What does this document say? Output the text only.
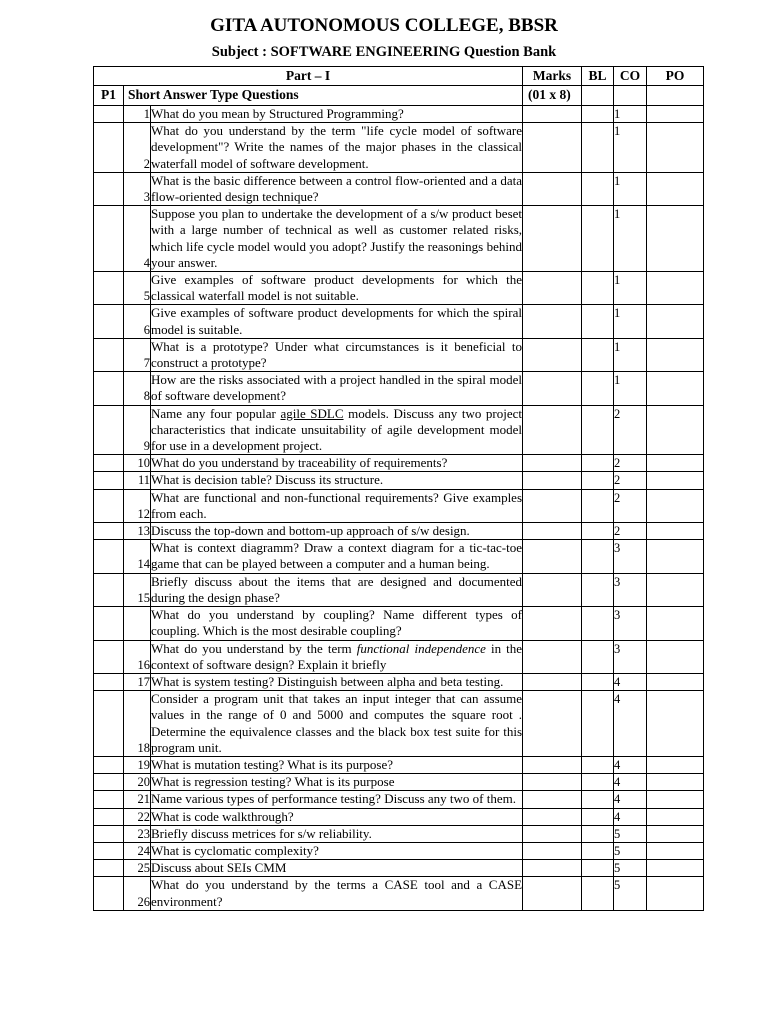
GITA AUTONOMOUS COLLEGE, BBSR
Subject : SOFTWARE ENGINEERING Question Bank
Part – I			Marks	BL	CO	PO
P1	Short Answer Type Questions		(01 x 8)			
	1	What do you mean by Structured Programming?			1	
	2	What do you understand by the term "life cycle model of software development"? Write the names of the major phases in the classical waterfall model of software development.			1	
	3	What is the basic difference between a control flow-oriented and a data flow-oriented design technique?			1	
	4	Suppose you plan to undertake the development of a s/w product beset with a large number of technical as well as customer related risks, which life cycle model would you adopt? Justify the reasonings behind your answer.			1	
	5	Give examples of software product developments for which the classical waterfall model is not suitable.			1	
	6	Give examples of software product developments for which the spiral model is suitable.			1	
	7	What is a prototype? Under what circumstances is it beneficial to construct a prototype?			1	
	8	How are the risks associated with a project handled in the spiral model of software development?			1	
	9	Name any four popular agile SDLC models. Discuss any two project characteristics that indicate unsuitability of agile development model for use in a development project.			2	
	10	What do you understand by traceability of requirements?			2	
	11	What is decision table? Discuss its structure.			2	
	12	What are functional and non-functional requirements? Give examples from each.			2	
	13	Discuss the top-down and bottom-up approach of s/w design.			2	
	14	What is context diagramm? Draw a context diagram for a tic-tac-toe game that can be played between a computer and a human being.			3	
	15	Briefly discuss about the items that are designed and documented during the design phase?			3	
		What do you understand by coupling? Name different types of coupling. Which is the most desirable coupling?			3	
	16	What do you understand by the term functional independence in the context of software design? Explain it briefly			3	
	17	What is system testing? Distinguish between alpha and beta testing.			4	
	18	Consider a program unit that takes an input integer that can assume values in the range of 0 and 5000 and computes the square root . Determine the equivalence classes and the black box test suite for this program unit.			4	
	19	What is mutation testing? What is its purpose?			4	
	20	What is regression testing? What is its purpose			4	
	21	Name various types of performance testing? Discuss any two of them.			4	
	22	What is code walkthrough?			4	
	23	Briefly discuss metrices for s/w reliability.			5	
	24	What is cyclomatic complexity?			5	
	25	Discuss about SEIs CMM			5	
	26	What do you understand by the terms a CASE tool and a CASE environment?			5	
